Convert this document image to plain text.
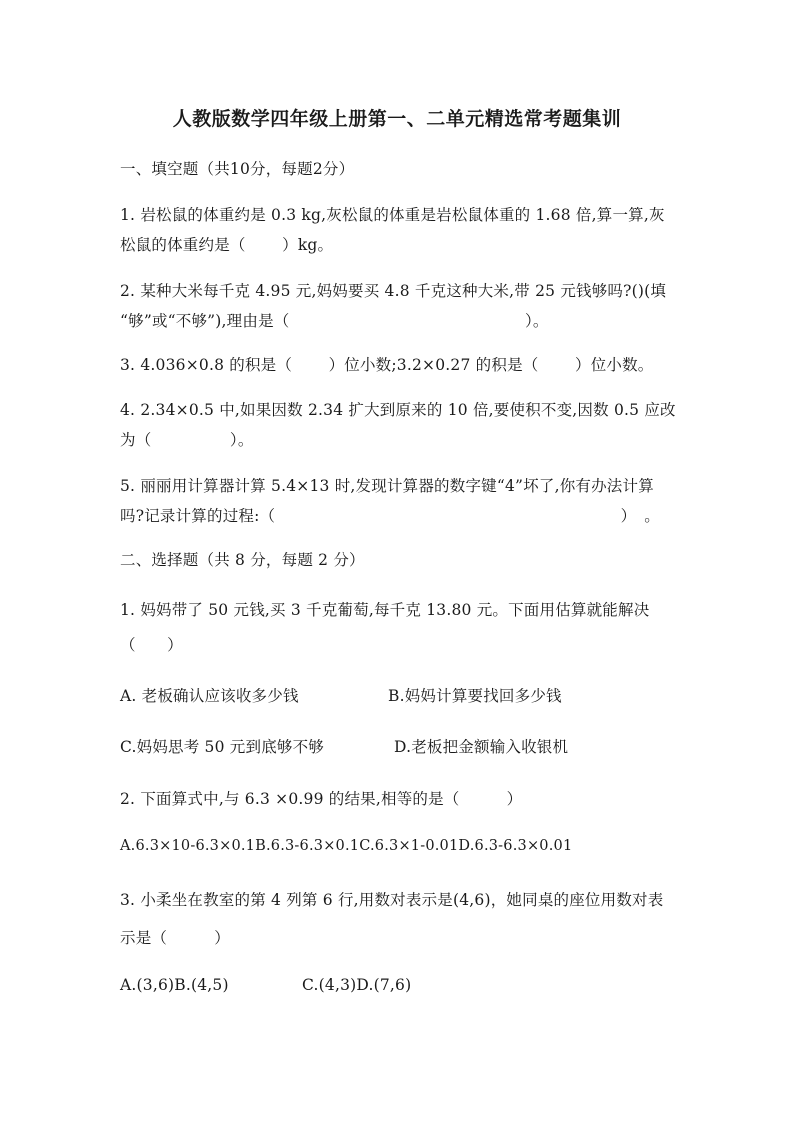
人教版数学四年级上册第一、二单元精选常考题集训
一、填空题（共10分，每题2分）
1. 岩松鼠的体重约是 0.3 kg,灰松鼠的体重是岩松鼠体重的 1.68 倍,算一算,灰
松鼠的体重约是（　　 ）kg。
2. 某种大米每千克 4.95 元,妈妈要买 4.8 千克这种大米,带 25 元钱够吗?()(填
“够”或“不够”),理由是（　　　　　　　　　　　　　　　）。
3. 4.036×0.8 的积是（　　 ）位小数;3.2×0.27 的积是（　　 ）位小数。
4. 2.34×0.5 中,如果因数 2.34 扩大到原来的 10 倍,要使积不变,因数 0.5 应改
为（　　　　　）。
5. 丽丽用计算器计算 5.4×13 时,发现计算器的数字键“4”坏了,你有办法计算
吗?记录计算的过程:（　　　　　　　　　　　　　　　　　　　　　　）　。
二、选择题（共 8 分，每题 2 分）
1. 妈妈带了 50 元钱,买 3 千克葡萄,每千克 13.80 元。下面用估算就能解决
（　　）
A. 老板确认应该收多少钱	B.妈妈计算要找回多少钱
C.妈妈思考 50 元到底够不够	D.老板把金额输入收银机
2. 下面算式中,与 6.3 ×0.99 的结果,相等的是（　　　）
A.6.3×10-6.3×0.1B.6.3-6.3×0.1C.6.3×1-0.01D.6.3-6.3×0.01
3. 小柔坐在教室的第 4 列第 6 行,用数对表示是(4,6)，她同桌的座位用数对表
示是（　　　）
A.(3,6)B.(4,5)	C.(4,3)D.(7,6)
